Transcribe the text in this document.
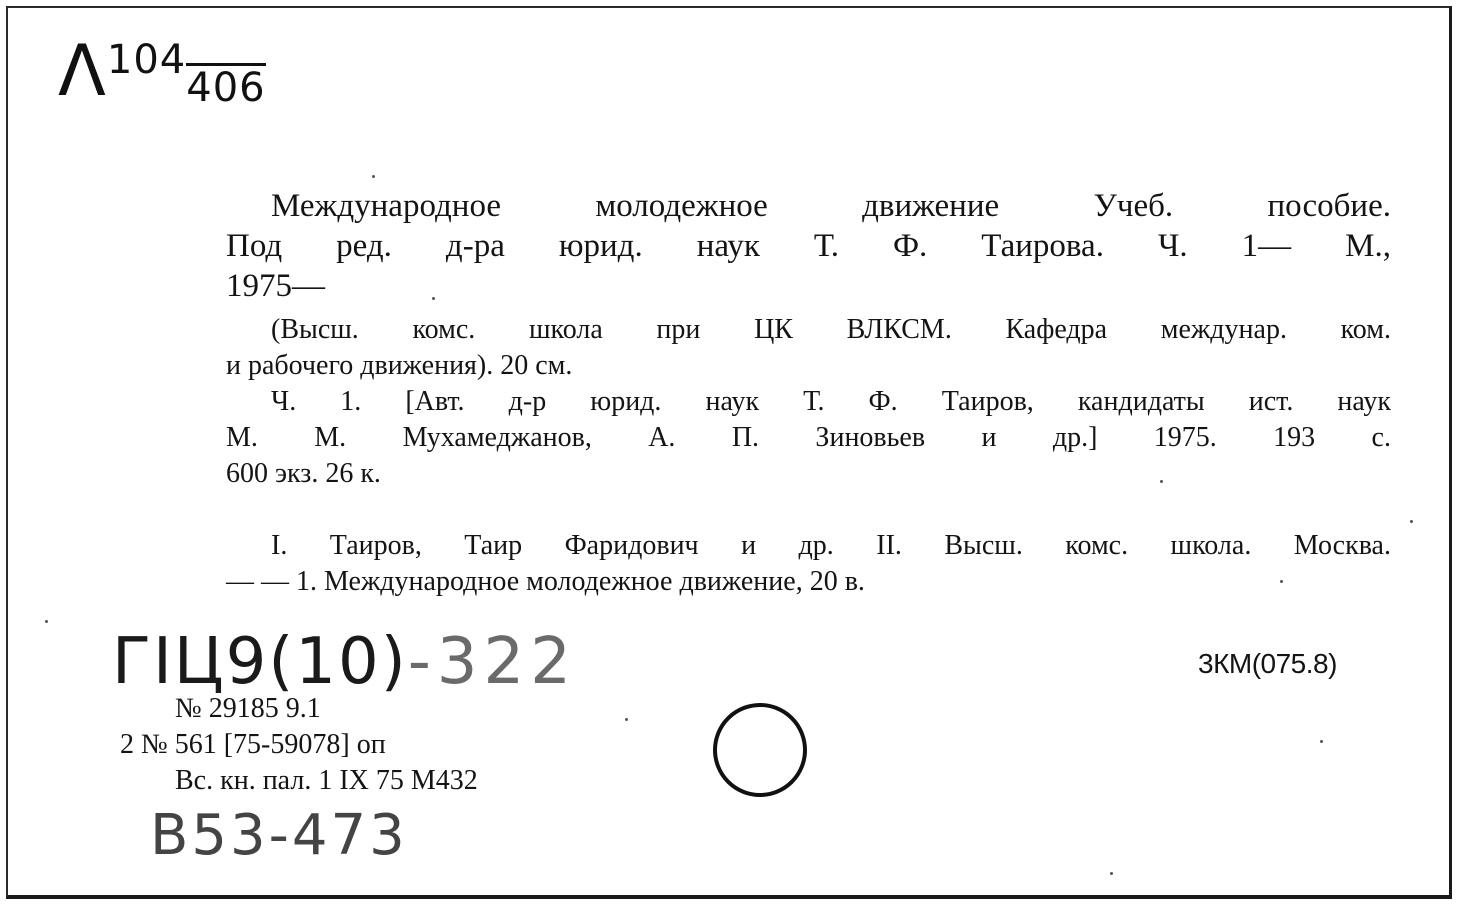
$\Lambda^{104}406$
Международное молодежное движение Учеб. пособие.
Под ред. д-ра юрид. наук Т. Ф. Таирова. Ч. 1— М.,
1975—
(Высш. комс. школа при ЦК ВЛКСМ. Кафедра междунар. ком.
и рабочего движения). 20 см.
Ч. 1. [Авт. д-р юрид. наук Т. Ф. Таиров, кандидаты ист. наук
М. М. Мухамеджанов, А. П. Зиновьев и др.] 1975. 193 с.
600 экз. 26 к.
I. Таиров, Таир Фаридович и др. II. Высш. комс. школа. Москва.
— — 1. Международное молодежное движение, 20 в.
3КМ(075.8)
ГIЦ9(10)-322
№ 29185 9.1
2 № 561 [75-59078] оп
Вс. кн. пал. 1 IX 75 М432
В53-473
